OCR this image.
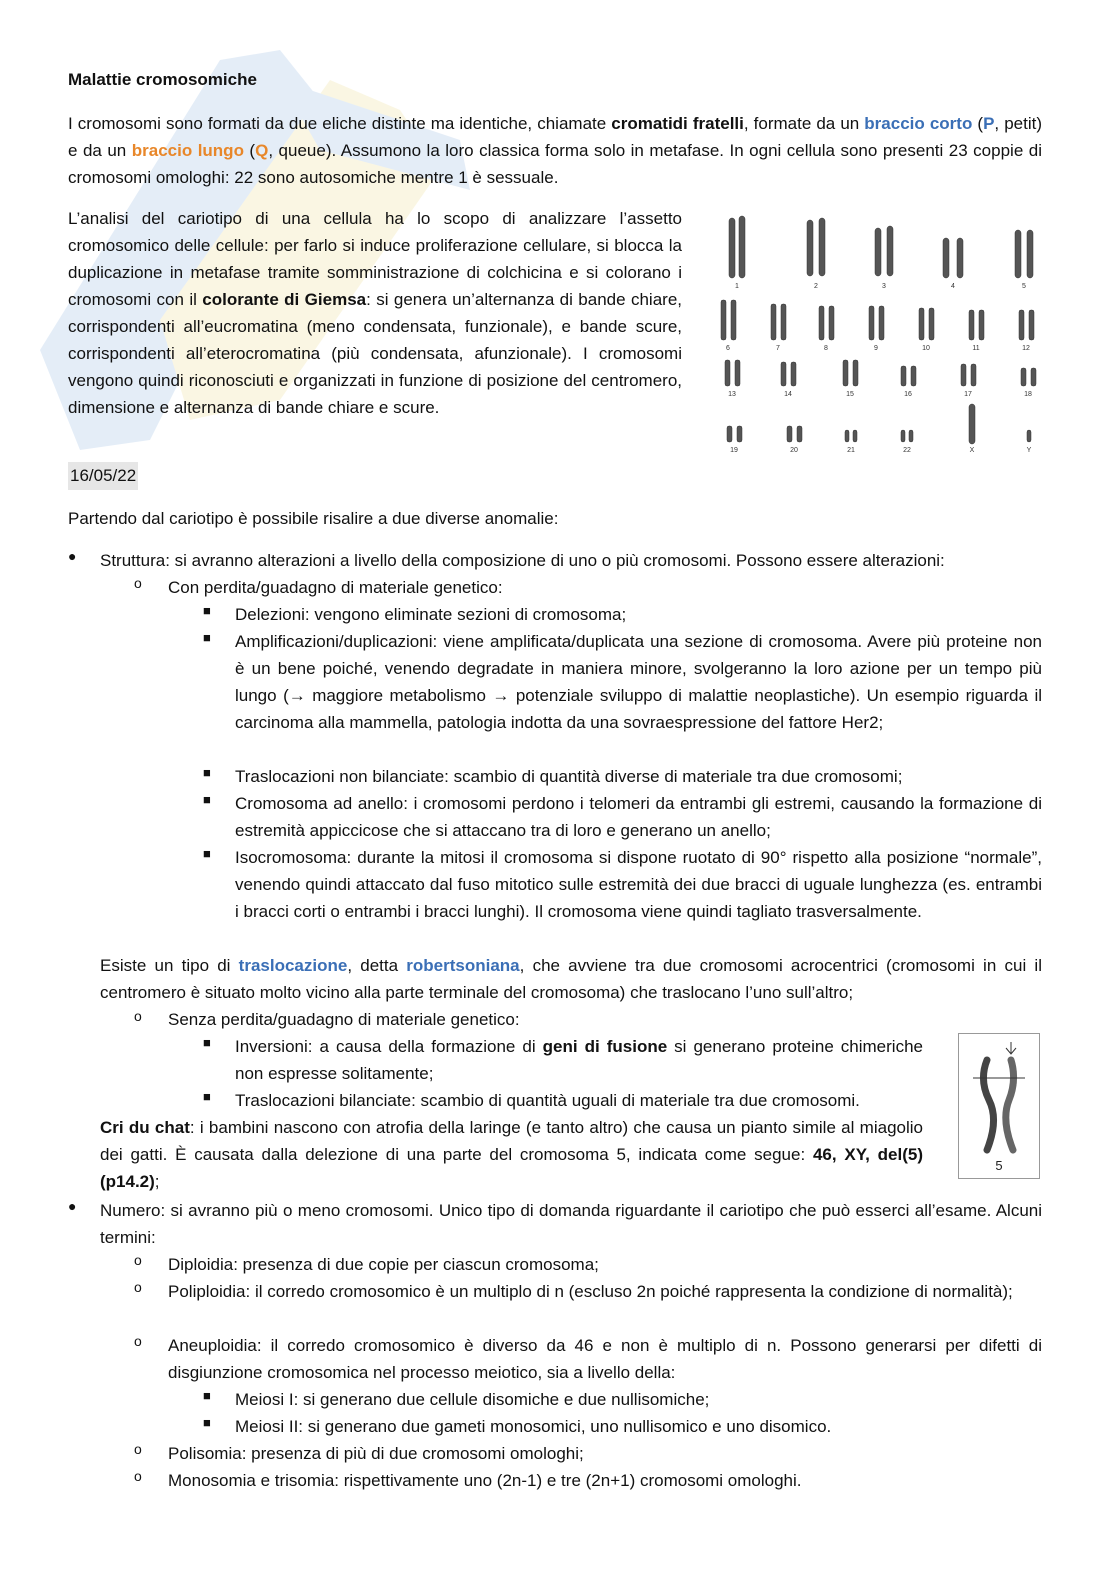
Malattie cromosomiche
I cromosomi sono formati da due eliche distinte ma identiche, chiamate cromatidi fratelli, formate da un braccio corto (P, petit) e da un braccio lungo (Q, queue). Assumono la loro classica forma solo in metafase. In ogni cellula sono presenti 23 coppie di cromosomi omologhi: 22 sono autosomiche mentre 1 è sessuale.
L’analisi del cariotipo di una cellula ha lo scopo di analizzare l’assetto cromosomico delle cellule: per farlo si induce proliferazione cellulare, si blocca la duplicazione in metafase tramite somministrazione di colchicina e si colorano i cromosomi con il colorante di Giemsa: si genera un’alternanza di bande chiare, corrispondenti all’eucromatina (meno condensata, funzionale), e bande scure, corrispondenti all’eterocromatina (più condensata, afunzionale). I cromosomi vengono quindi riconosciuti e organizzati in funzione di posizione del centromero, dimensione e alternanza di bande chiare e scure.
1	2	3	4	5
6	7	8	9	10	11	12
13	14	15	16	17	18
19	20	21	22	X	Y
16/05/22
Partendo dal cariotipo è possibile risalire a due diverse anomalie:
● Struttura: si avranno alterazioni a livello della composizione di uno o più cromosomi. Possono essere alterazioni:
o Con perdita/guadagno di materiale genetico:
■ Delezioni: vengono eliminate sezioni di cromosoma;
■ Amplificazioni/duplicazioni: viene amplificata/duplicata una sezione di cromosoma. Avere più proteine non è un bene poiché, venendo degradate in maniera minore, svolgeranno la loro azione per un tempo più lungo (→ maggiore metabolismo → potenziale sviluppo di malattie neoplastiche). Un esempio riguarda il carcinoma alla mammella, patologia indotta da una sovraespressione del fattore Her2;
■ Traslocazioni non bilanciate: scambio di quantità diverse di materiale tra due cromosomi;
■ Cromosoma ad anello: i cromosomi perdono i telomeri da entrambi gli estremi, causando la formazione di estremità appiccicose che si attaccano tra di loro e generano un anello;
■ Isocromosoma: durante la mitosi il cromosoma si dispone ruotato di 90° rispetto alla posizione “normale”, venendo quindi attaccato dal fuso mitotico sulle estremità dei due bracci di uguale lunghezza (es. entrambi i bracci corti o entrambi i bracci lunghi). Il cromosoma viene quindi tagliato trasversalmente.
Esiste un tipo di traslocazione, detta robertsoniana, che avviene tra due cromosomi acrocentrici (cromosomi in cui il centromero è situato molto vicino alla parte terminale del cromosoma) che traslocano l’uno sull’altro;
o Senza perdita/guadagno di materiale genetico:
■ Inversioni: a causa della formazione di geni di fusione si generano proteine chimeriche non espresse solitamente;
■ Traslocazioni bilanciate: scambio di quantità uguali di materiale tra due cromosomi.
Cri du chat: i bambini nascono con atrofia della laringe (e tanto altro) che causa un pianto simile al miagolio dei gatti. È causata dalla delezione di una parte del cromosoma 5, indicata come segue: 46, XY, del(5)(p14.2);
5
● Numero: si avranno più o meno cromosomi. Unico tipo di domanda riguardante il cariotipo che può esserci all’esame. Alcuni termini:
o Diploidia: presenza di due copie per ciascun cromosoma;
o Poliploidia: il corredo cromosomico è un multiplo di n (escluso 2n poiché rappresenta la condizione di normalità);
o Aneuploidia: il corredo cromosomico è diverso da 46 e non è multiplo di n. Possono generarsi per difetti di disgiunzione cromosomica nel processo meiotico, sia a livello della:
■ Meiosi I: si generano due cellule disomiche e due nullisomiche;
■ Meiosi II: si generano due gameti monosomici, uno nullisomico e uno disomico.
o Polisomia: presenza di più di due cromosomi omologhi;
o Monosomia e trisomia: rispettivamente uno (2n-1) e tre (2n+1) cromosomi omologhi.
